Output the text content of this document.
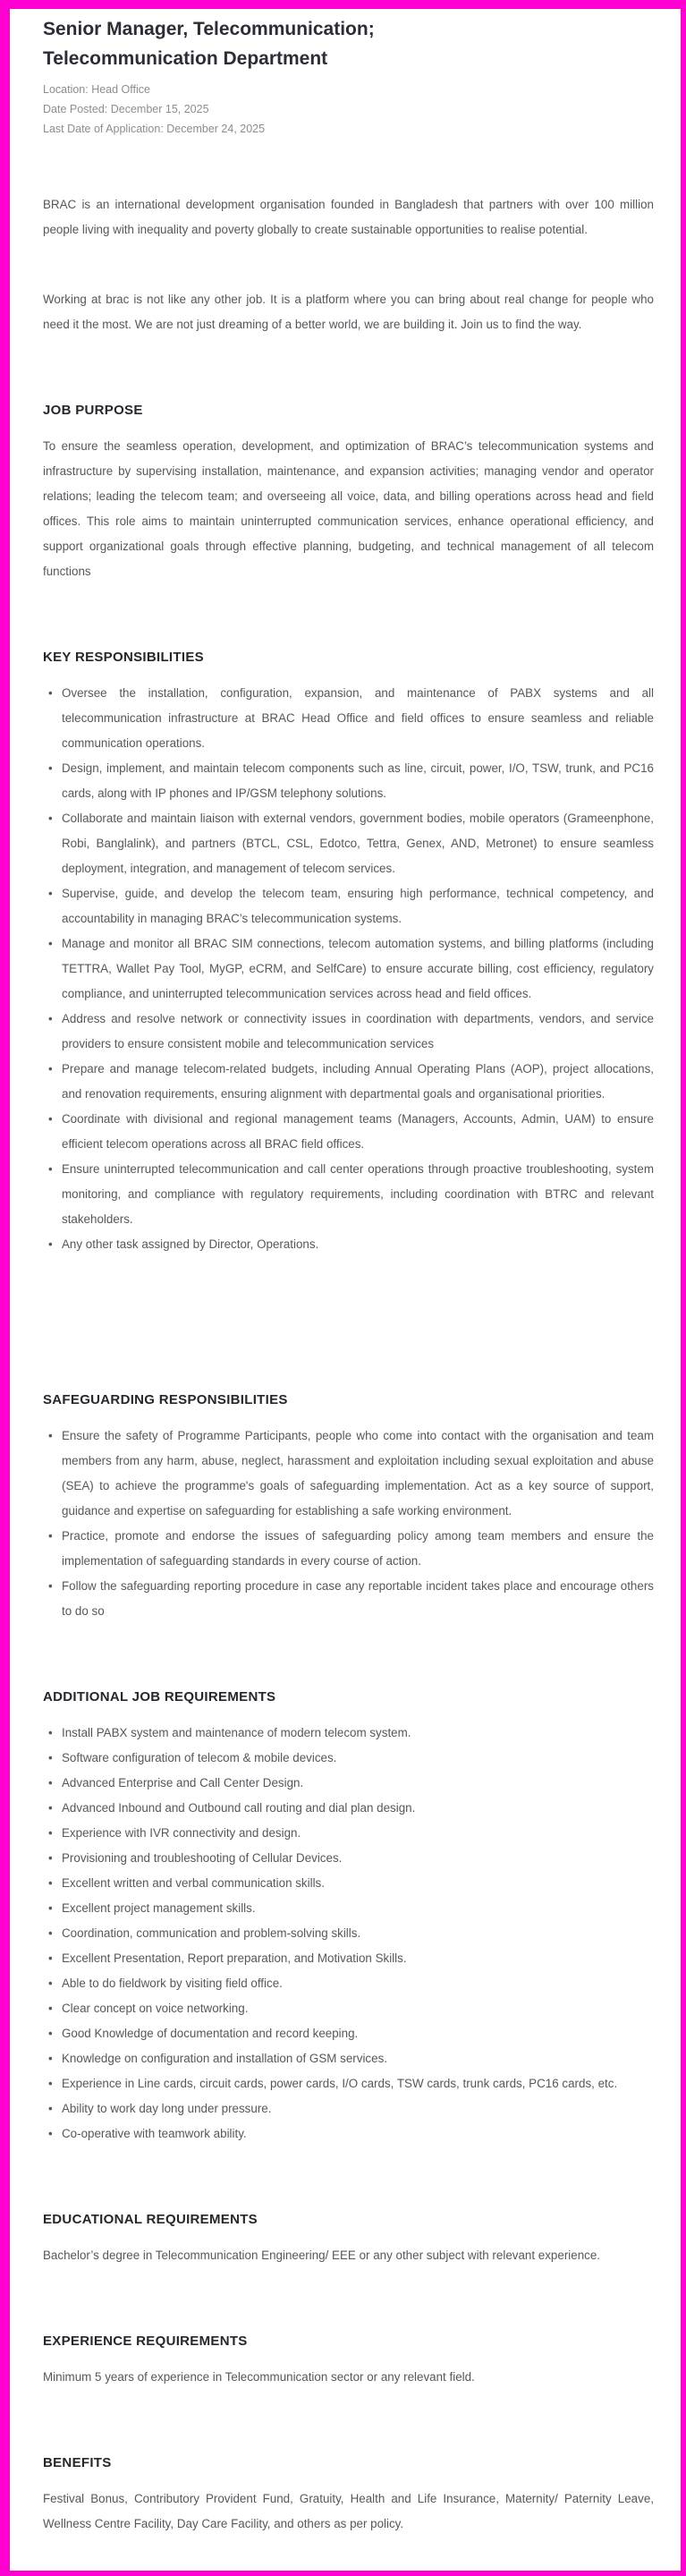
Senior Manager, Telecommunication;
Telecommunication Department
Location: Head Office
Date Posted: December 15, 2025
Last Date of Application: December 24, 2025

BRAC is an international development organisation founded in Bangladesh that partners with over 100 million people living with inequality and poverty globally to create sustainable opportunities to realise potential.

Working at brac is not like any other job. It is a platform where you can bring about real change for people who need it the most. We are not just dreaming of a better world, we are building it. Join us to find the way.

JOB PURPOSE

To ensure the seamless operation, development, and optimization of BRAC’s telecommunication systems and infrastructure by supervising installation, maintenance, and expansion activities; managing vendor and operator relations; leading the telecom team; and overseeing all voice, data, and billing operations across head and field offices. This role aims to maintain uninterrupted communication services, enhance operational efficiency, and support organizational goals through effective planning, budgeting, and technical management of all telecom functions

KEY RESPONSIBILITIES
• Oversee the installation, configuration, expansion, and maintenance of PABX systems and all telecommunication infrastructure at BRAC Head Office and field offices to ensure seamless and reliable communication operations.
• Design, implement, and maintain telecom components such as line, circuit, power, I/O, TSW, trunk, and PC16 cards, along with IP phones and IP/GSM telephony solutions.
• Collaborate and maintain liaison with external vendors, government bodies, mobile operators (Grameenphone, Robi, Banglalink), and partners (BTCL, CSL, Edotco, Tettra, Genex, AND, Metronet) to ensure seamless deployment, integration, and management of telecom services.
• Supervise, guide, and develop the telecom team, ensuring high performance, technical competency, and accountability in managing BRAC’s telecommunication systems.
• Manage and monitor all BRAC SIM connections, telecom automation systems, and billing platforms (including TETTRA, Wallet Pay Tool, MyGP, eCRM, and SelfCare) to ensure accurate billing, cost efficiency, regulatory compliance, and uninterrupted telecommunication services across head and field offices.
• Address and resolve network or connectivity issues in coordination with departments, vendors, and service providers to ensure consistent mobile and telecommunication services
• Prepare and manage telecom-related budgets, including Annual Operating Plans (AOP), project allocations, and renovation requirements, ensuring alignment with departmental goals and organisational priorities.
• Coordinate with divisional and regional management teams (Managers, Accounts, Admin, UAM) to ensure efficient telecom operations across all BRAC field offices.
• Ensure uninterrupted telecommunication and call center operations through proactive troubleshooting, system monitoring, and compliance with regulatory requirements, including coordination with BTRC and relevant stakeholders.
• Any other task assigned by Director, Operations.
SAFEGUARDING RESPONSIBILITIES
• Ensure the safety of Programme Participants, people who come into contact with the organisation and team members from any harm, abuse, neglect, harassment and exploitation including sexual exploitation and abuse (SEA) to achieve the programme's goals of safeguarding implementation. Act as a key source of support, guidance and expertise on safeguarding for establishing a safe working environment.
• Practice, promote and endorse the issues of safeguarding policy among team members and ensure the implementation of safeguarding standards in every course of action.
• Follow the safeguarding reporting procedure in case any reportable incident takes place and encourage others to do so
ADDITIONAL JOB REQUIREMENTS
• Install PABX system and maintenance of modern telecom system.
• Software configuration of telecom & mobile devices.
• Advanced Enterprise and Call Center Design.
• Advanced Inbound and Outbound call routing and dial plan design.
• Experience with IVR connectivity and design.
• Provisioning and troubleshooting of Cellular Devices.
• Excellent written and verbal communication skills.
• Excellent project management skills.
• Coordination, communication and problem-solving skills.
• Excellent Presentation, Report preparation, and Motivation Skills.
• Able to do fieldwork by visiting field office.
• Clear concept on voice networking.
• Good Knowledge of documentation and record keeping.
• Knowledge on configuration and installation of GSM services.
• Experience in Line cards, circuit cards, power cards, I/O cards, TSW cards, trunk cards, PC16 cards, etc.
• Ability to work day long under pressure.
• Co-operative with teamwork ability.
EDUCATIONAL REQUIREMENTS

Bachelor’s degree in Telecommunication Engineering/ EEE or any other subject with relevant experience.

EXPERIENCE REQUIREMENTS

Minimum 5 years of experience in Telecommunication sector or any relevant field.

BENEFITS

Festival Bonus, Contributory Provident Fund, Gratuity, Health and Life Insurance, Maternity/ Paternity Leave, Wellness Centre Facility, Day Care Facility, and others as per policy.
